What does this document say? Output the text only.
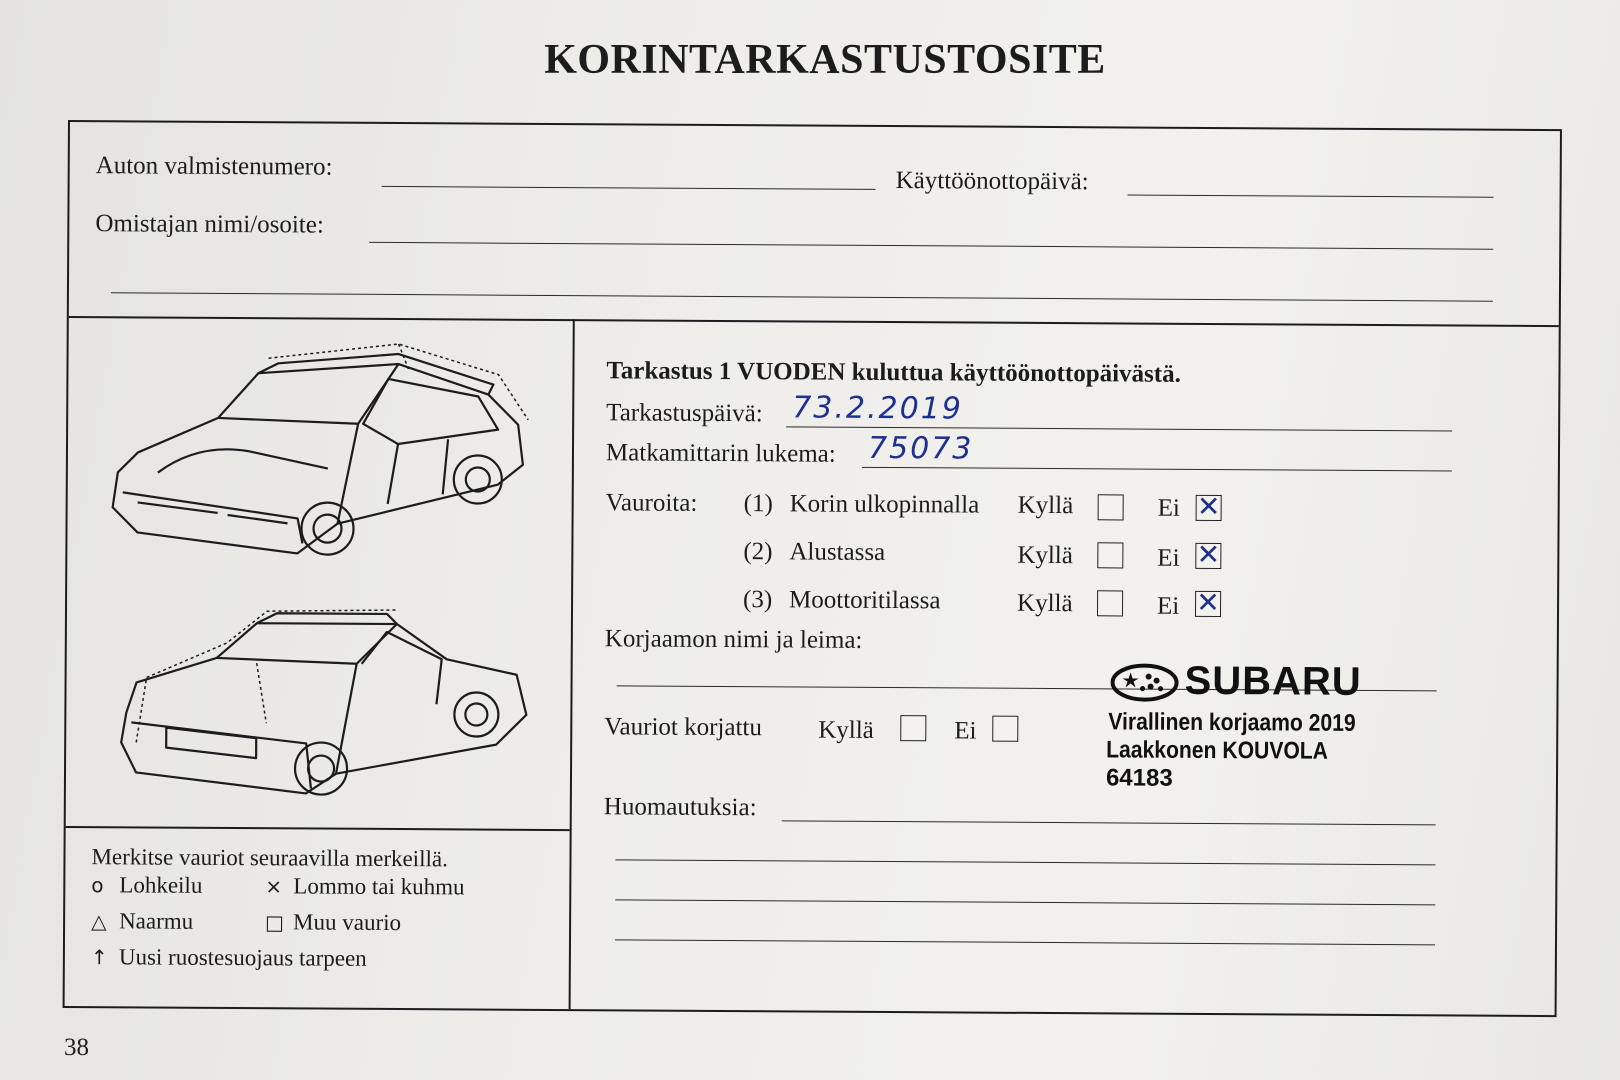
KORINTARKASTUSTOSITE
Auton valmistenumero:
Käyttöönottopäivä:
Omistajan nimi/osoite:
Merkitse vauriot seuraavilla merkeillä.
o Lohkeilu	× Lommo tai kuhmu
△ Naarmu	□ Muu vaurio
↑ Uusi ruostesuojaus tarpeen
Tarkastus 1 VUODEN kuluttua käyttöönottopäivästä.
Tarkastuspäivä: 73.2.2019
Matkamittarin lukema: 75073
Vauroita: (1) Korin ulkopinnalla Kyllä	Ei ✕
(2) Alustassa	Kyllä	Ei ✕
(3) Moottoritilassa	Kyllä	Ei ✕
Korjaamon nimi ja leima:
SUBARU
Virallinen korjaamo 2019
Laakkonen KOUVOLA
64183
Vauriot korjattu Kyllä	Ei
Huomautuksia:
38
